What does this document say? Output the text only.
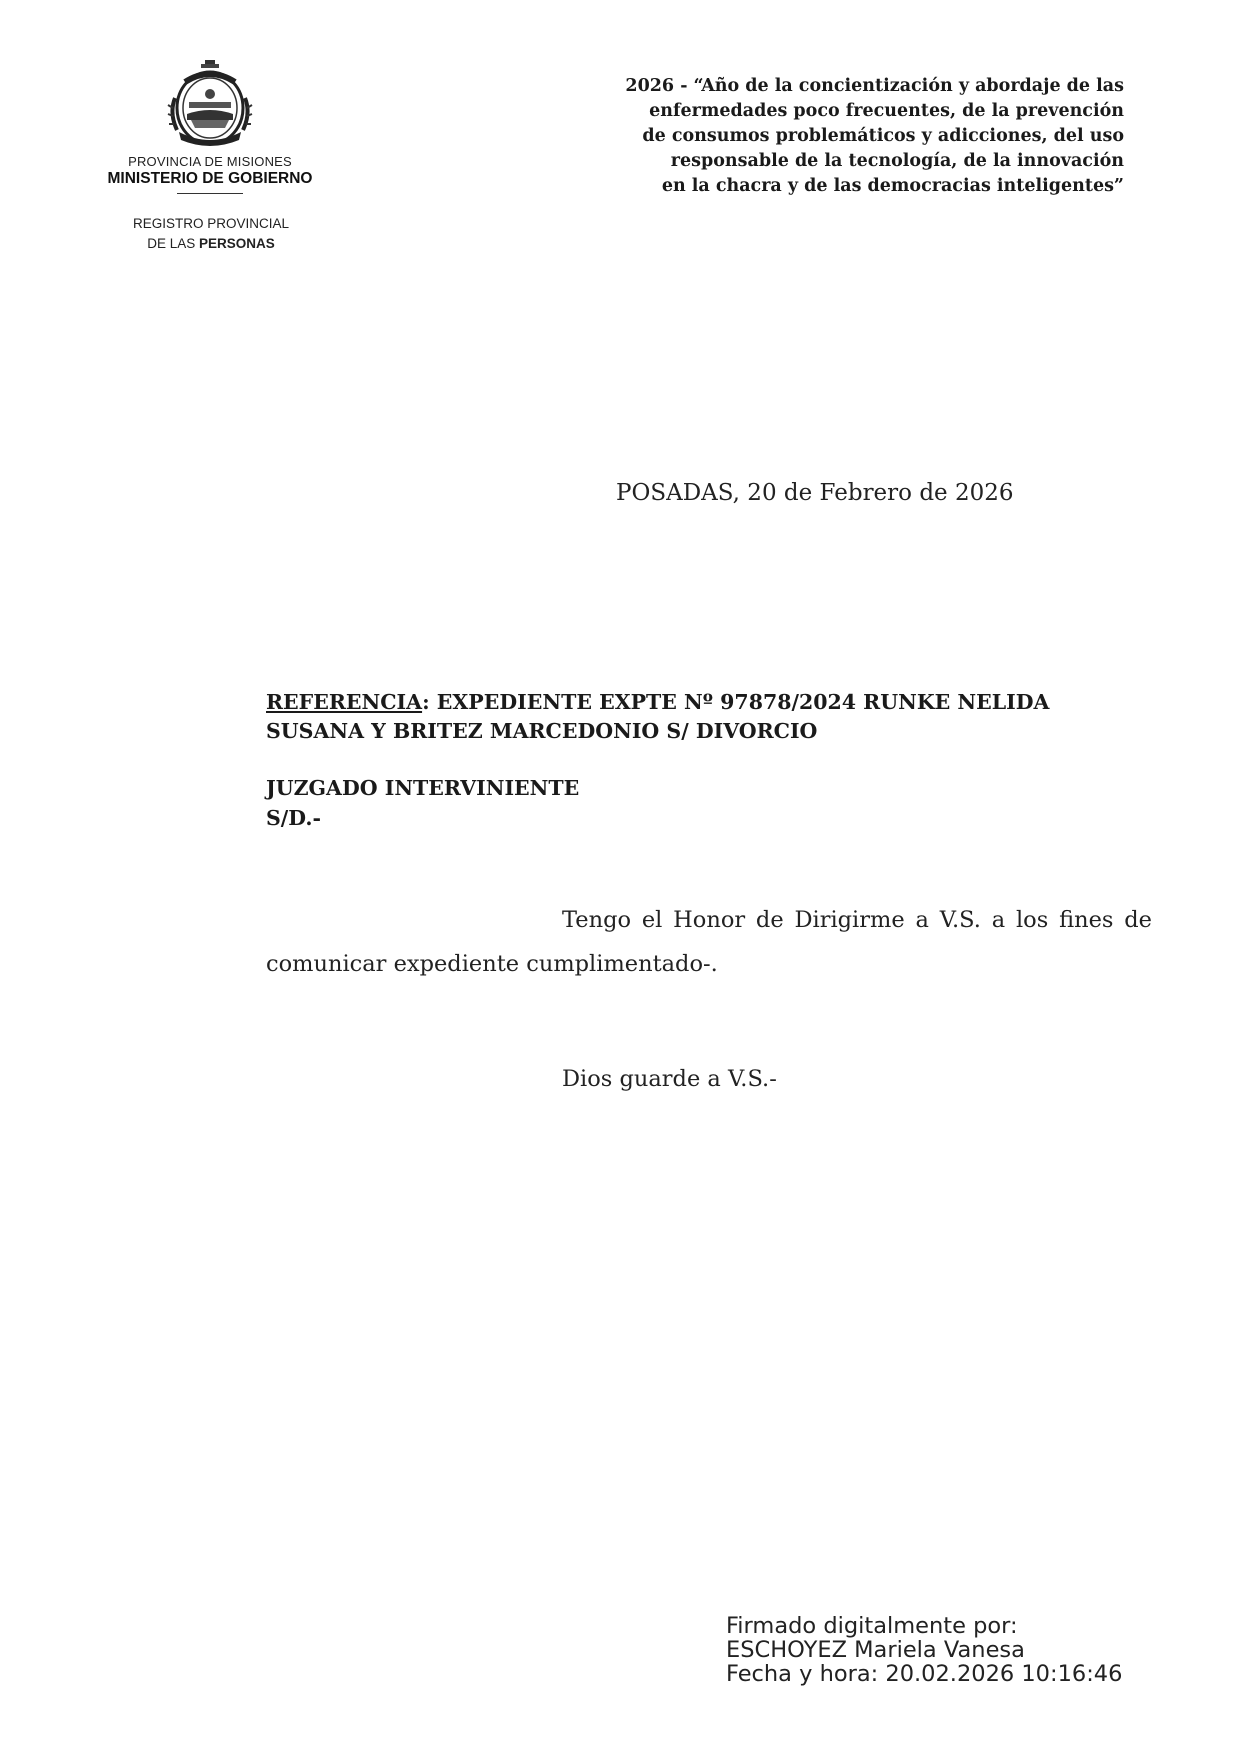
PROVINCIA DE MISIONES
MINISTERIO DE GOBIERNO
REGISTRO PROVINCIAL
DE LAS PERSONAS
2026 - “Año de la concientización y abordaje de las
enfermedades poco frecuentes, de la prevención
de consumos problemáticos y adicciones, del uso
responsable de la tecnología, de la innovación
en la chacra y de las democracias inteligentes”
POSADAS, 20 de Febrero de 2026
REFERENCIA: EXPEDIENTE EXPTE Nº 97878/2024 RUNKE NELIDA
SUSANA Y BRITEZ MARCEDONIO S/ DIVORCIO
JUZGADO INTERVINIENTE
S/D.-
Tengo el Honor de Dirigirme a V.S. a los fines de comunicar expediente cumplimentado-.
Dios guarde a V.S.-
Firmado digitalmente por:
ESCHOYEZ Mariela Vanesa
Fecha y hora: 20.02.2026 10:16:46
